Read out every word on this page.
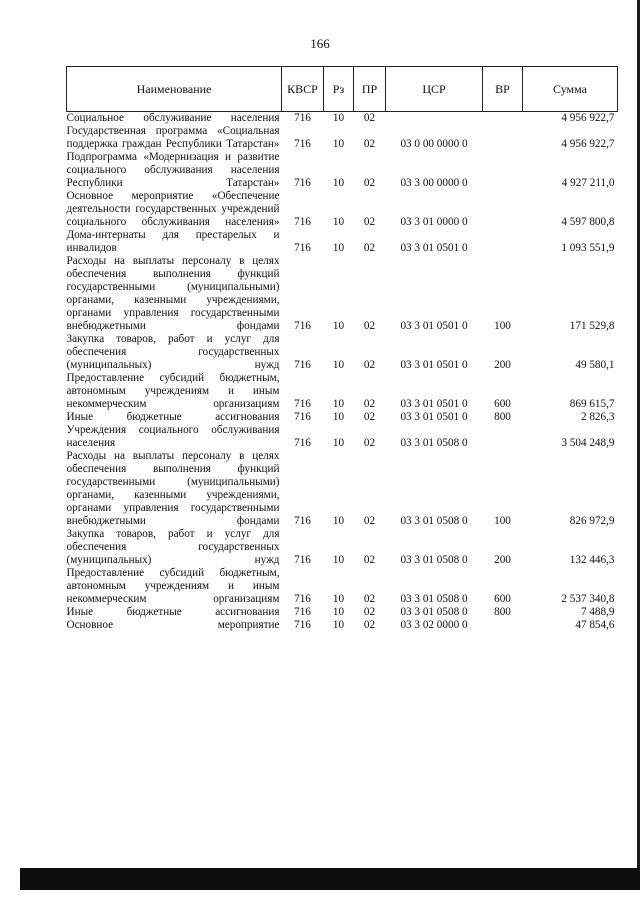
166
Наименование	КВСР	Рз	ПР	ЦСР	ВР	Сумма
Социальное обслуживание населения	716	10	02			4 956 922,7
Государственная программа «Социальная поддержка граждан Республики Татарстан»	716	10	02	03 0 00 0000 0		4 956 922,7
Подпрограмма «Модернизация и развитие социального обслуживания населения Республики Татарстан»	716	10	02	03 3 00 0000 0		4 927 211,0
Основное мероприятие «Обеспечение деятельности государственных учреждений социального обслуживания населения»	716	10	02	03 3 01 0000 0		4 597 800,8
Дома-интернаты для престарелых и инвалидов	716	10	02	03 3 01 0501 0		1 093 551,9
Расходы на выплаты персоналу в целях обеспечения выполнения функций государственными (муниципальными) органами, казенными учреждениями, органами управления государственными внебюджетными фондами	716	10	02	03 3 01 0501 0	100	171 529,8
Закупка товаров, работ и услуг для обеспечения государственных (муниципальных) нужд	716	10	02	03 3 01 0501 0	200	49 580,1
Предоставление субсидий бюджетным, автономным учреждениям и иным некоммерческим организациям	716	10	02	03 3 01 0501 0	600	869 615,7
Иные бюджетные ассигнования	716	10	02	03 3 01 0501 0	800	2 826,3
Учреждения социального обслуживания населения	716	10	02	03 3 01 0508 0		3 504 248,9
Расходы на выплаты персоналу в целях обеспечения выполнения функций государственными (муниципальными) органами, казенными учреждениями, органами управления государственными внебюджетными фондами	716	10	02	03 3 01 0508 0	100	826 972,9
Закупка товаров, работ и услуг для обеспечения государственных (муниципальных) нужд	716	10	02	03 3 01 0508 0	200	132 446,3
Предоставление субсидий бюджетным, автономным учреждениям и иным некоммерческим организациям	716	10	02	03 3 01 0508 0	600	2 537 340,8
Иные бюджетные ассигнования	716	10	02	03 3 01 0508 0	800	7 488,9
Основное мероприятие	716	10	02	03 3 02 0000 0		47 854,6
